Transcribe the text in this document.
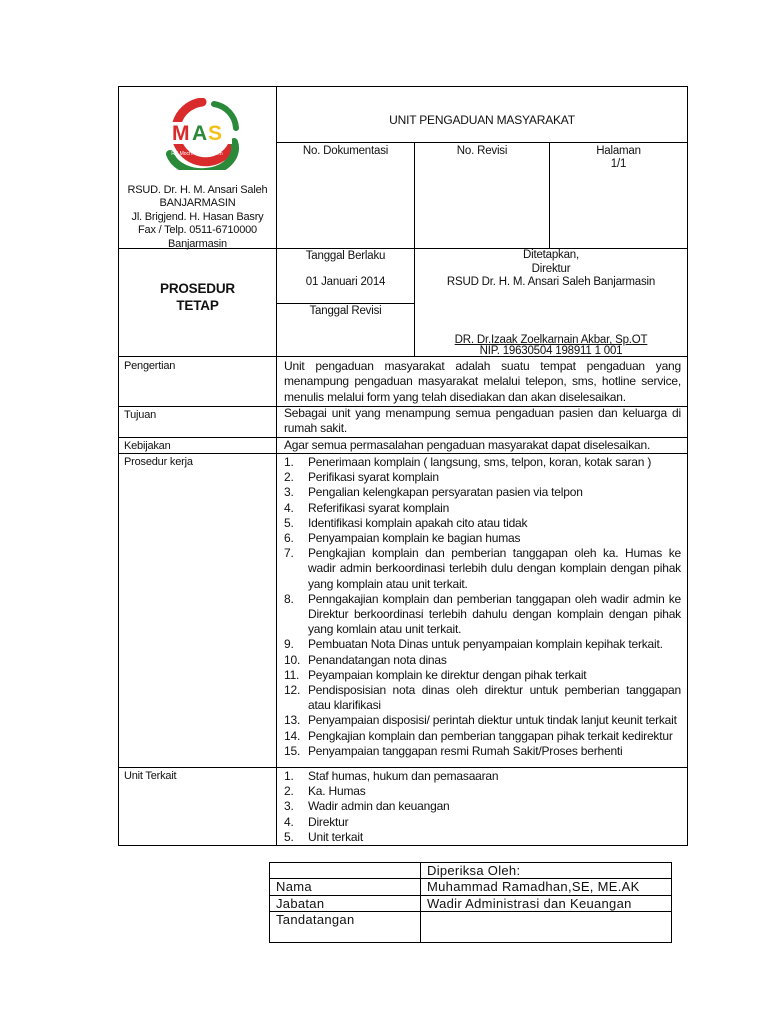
M A S
RS Moch. Ansari Saleh
RSUD. Dr. H. M. Ansari Saleh
BANJARMASIN
Jl. Brigjend. H. Hasan Basry
Fax / Telp. 0511-6710000
Banjarmasin
UNIT PENGADUAN MASYARAKAT
No. Dokumentasi	No. Revisi	Halaman
1/1
PROSEDUR
TETAP
Tanggal Berlaku
01 Januari 2014
Tanggal Revisi
Ditetapkan,
Direktur
RSUD Dr. H. M. Ansari Saleh Banjarmasin
DR. Dr.Izaak Zoelkarnain Akbar, Sp.OT
NIP. 19630504 198911 1 001
Pengertian	Unit pengaduan masyarakat adalah suatu tempat pengaduan yang menampung pengaduan masyarakat melalui telepon, sms, hotline service, menulis melalui form yang telah disediakan dan akan diselesaikan.
Tujuan	Sebagai unit yang menampung semua pengaduan pasien dan keluarga di rumah sakit.
Kebijakan	Agar semua permasalahan pengaduan masyarakat dapat diselesaikan.
Prosedur kerja	1. Penerimaan komplain ( langsung, sms, telpon, koran, kotak saran )
2. Perifikasi syarat komplain
3. Pengalian kelengkapan persyaratan pasien via telpon
4. Referifikasi syarat komplain
5. Identifikasi komplain apakah cito atau tidak
6. Penyampaian komplain ke bagian humas
7. Pengkajian komplain dan pemberian tanggapan oleh ka. Humas ke wadir admin berkoordinasi terlebih dulu dengan komplain dengan pihak yang komplain atau unit terkait.
8. Penngakajian komplain dan pemberian tanggapan oleh wadir admin ke Direktur berkoordinasi terlebih dahulu dengan komplain dengan pihak yang komlain atau unit terkait.
9. Pembuatan Nota Dinas untuk penyampaian komplain kepihak terkait.
10. Penandatangan nota dinas
11. Peyampaian komplain ke direktur dengan pihak terkait
12. Pendisposisian nota dinas oleh direktur untuk pemberian tanggapan atau klarifikasi
13. Penyampaian disposisi/ perintah diektur untuk tindak lanjut keunit terkait
14. Pengkajian komplain dan pemberian tanggapan pihak terkait kedirektur
15. Penyampaian tanggapan resmi Rumah Sakit/Proses berhenti
Unit Terkait	1. Staf humas, hukum dan pemasaaran
2. Ka. Humas
3. Wadir admin dan keuangan
4. Direktur
5. Unit terkait
Diperiksa Oleh:
Nama	Muhammad Ramadhan,SE, ME.AK
Jabatan	Wadir Administrasi dan Keuangan
Tandatangan
